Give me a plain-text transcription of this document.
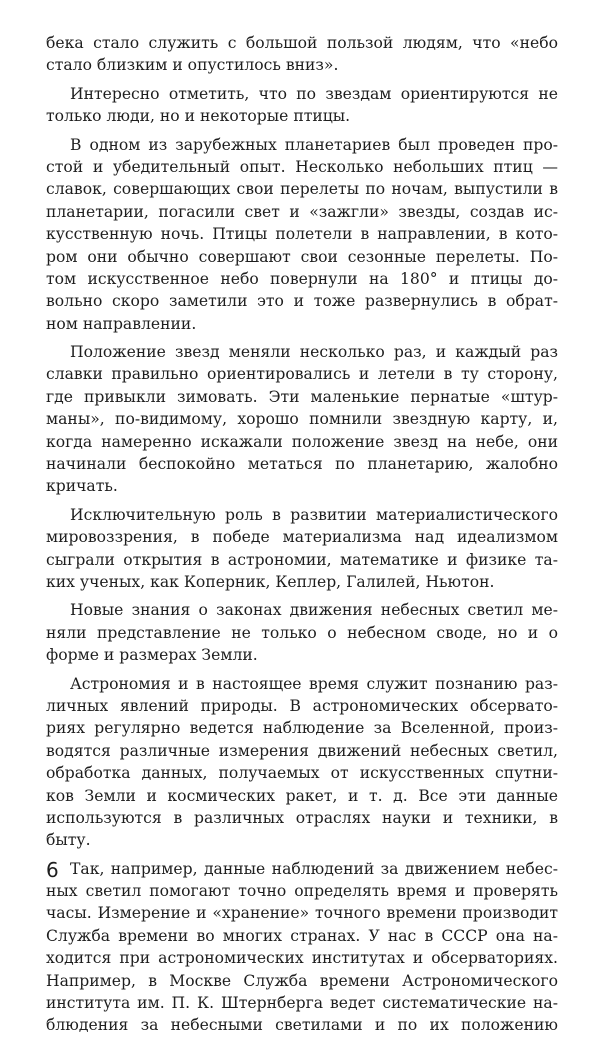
бека стало служить с большой пользой людям, что «небо
стало близким и опустилось вниз».
Интересно отметить, что по звездам ориентируются не
только люди, но и некоторые птицы.
В одном из зарубежных планетариев был проведен про-
стой и убедительный опыт. Несколько небольших птиц —
славок, совершающих свои перелеты по ночам, выпустили в
планетарии, погасили свет и «зажгли» звезды, создав ис-
кусственную ночь. Птицы полетели в направлении, в кото-
ром они обычно совершают свои сезонные перелеты. По-
том искусственное небо повернули на 180° и птицы до-
вольно скоро заметили это и тоже развернулись в обрат-
ном направлении.
Положение звезд меняли несколько раз, и каждый раз
славки правильно ориентировались и летели в ту сторону,
где привыкли зимовать. Эти маленькие пернатые «штур-
маны», по-видимому, хорошо помнили звездную карту, и,
когда намеренно искажали положение звезд на небе, они
начинали беспокойно метаться по планетарию, жалобно
кричать.
Исключительную роль в развитии материалистического
мировоззрения, в победе материализма над идеализмом
сыграли открытия в астрономии, математике и физике та-
ких ученых, как Коперник, Кеплер, Галилей, Ньютон.
Новые знания о законах движения небесных светил ме-
няли представление не только о небесном своде, но и о
форме и размерах Земли.
Астрономия и в настоящее время служит познанию раз-
личных явлений природы. В астрономических обсервато-
риях регулярно ведется наблюдение за Вселенной, произ-
водятся различные измерения движений небесных светил,
обработка данных, получаемых от искусственных спутни-
ков Земли и космических ракет, и т. д. Все эти данные
используются в различных отраслях науки и техники, в
быту.
Так, например, данные наблюдений за движением небес-
ных светил помогают точно определять время и проверять
часы. Измерение и «хранение» точного времени производит
Служба времени во многих странах. У нас в СССР она на-
ходится при астрономических институтах и обсерваториях.
Например, в Москве Служба времени Астрономического
института им. П. К. Штернберга ведет систематические на-
блюдения за небесными светилами и по их положению
6
